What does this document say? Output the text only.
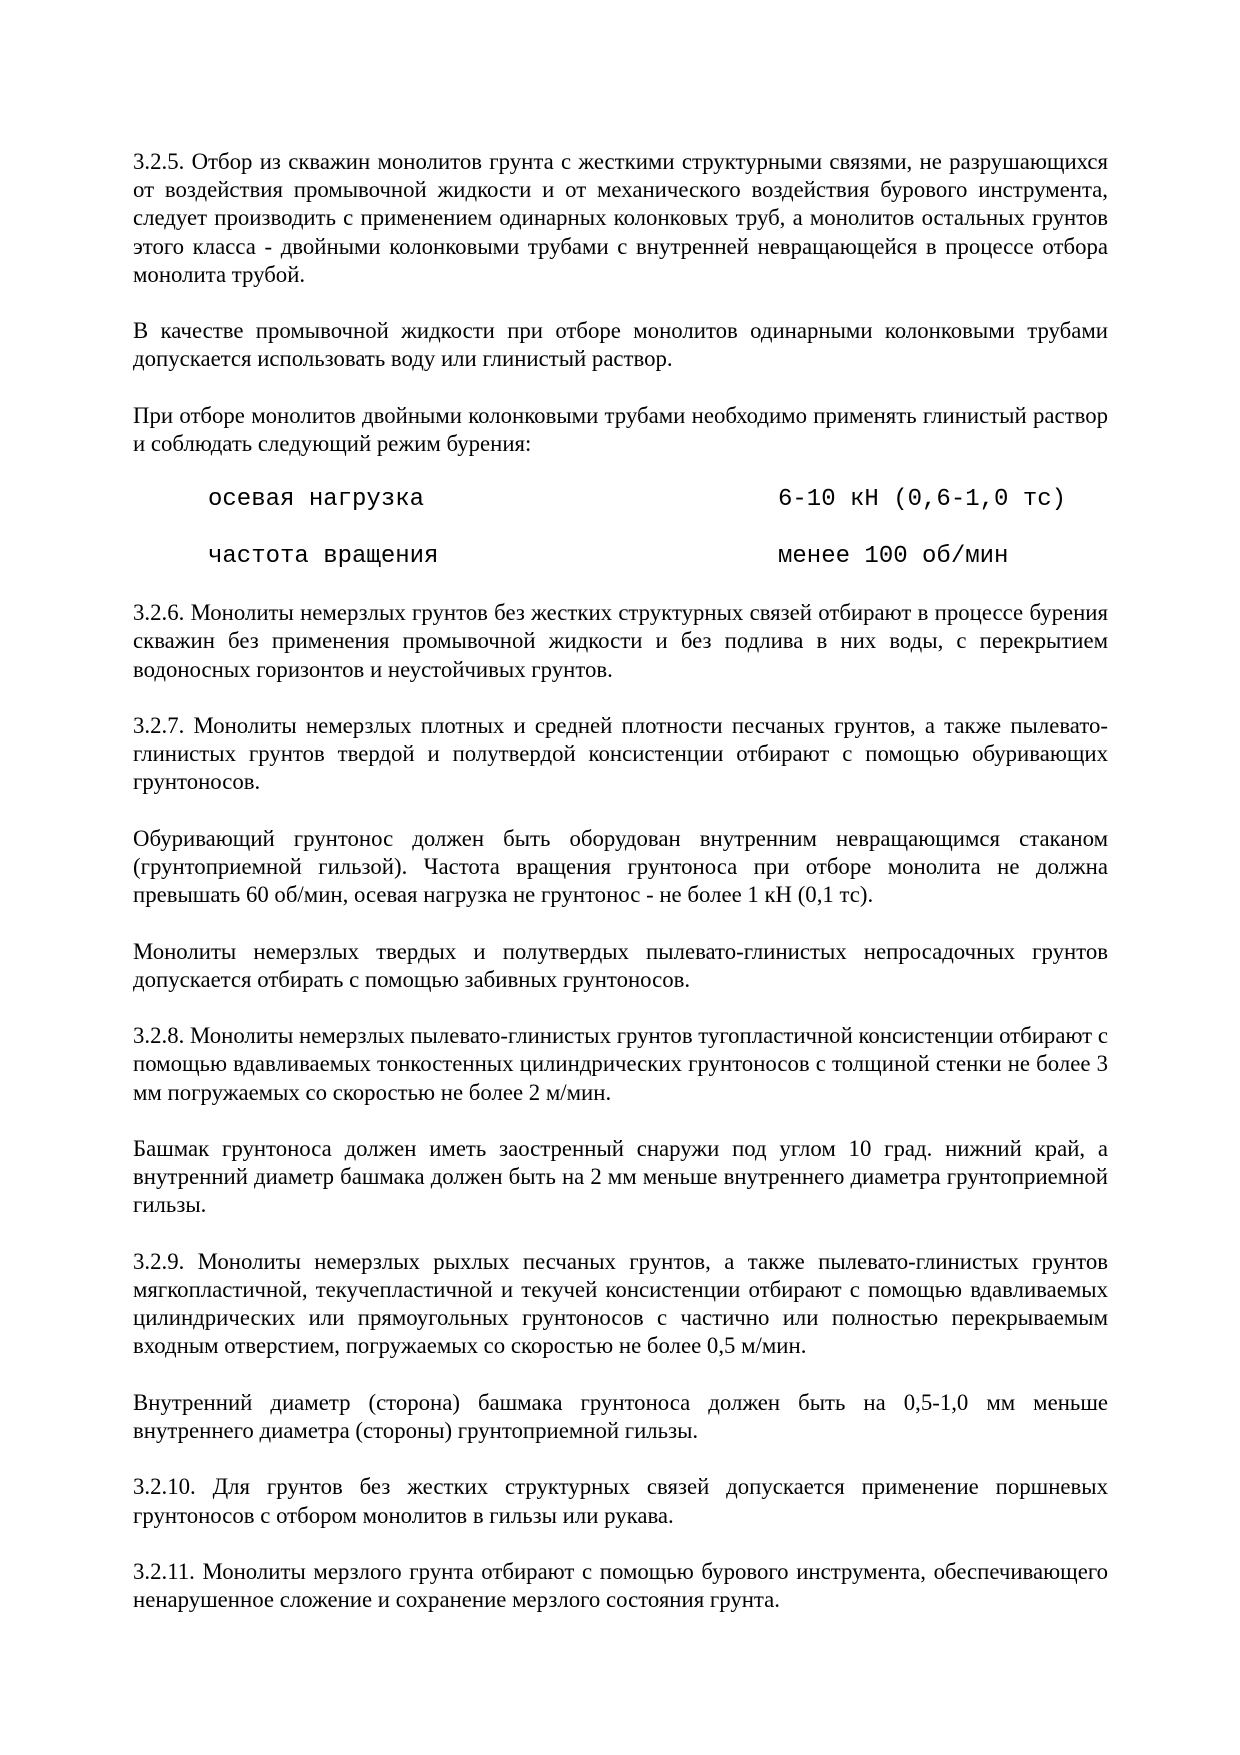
3.2.5. Отбор из скважин монолитов грунта с жесткими структурными связями, не разрушающихся от воздействия промывочной жидкости и от механического воздействия бурового инструмента, следует производить с применением одинарных колонковых труб, а монолитов остальных грунтов этого класса - двойными колонковыми трубами с внутренней невращающейся в процессе отбора монолита трубой.

В качестве промывочной жидкости при отборе монолитов одинарными колонковыми трубами допускается использовать воду или глинистый раствор.

При отборе монолитов двойными колонковыми трубами необходимо применять глинистый раствор и соблюдать следующий режим бурения:

осевая нагрузка

	6-10 кН (0,6-1,0 тс)

частота вращения

	менее 100 об/мин

3.2.6. Монолиты немерзлых грунтов без жестких структурных связей отбирают в процессе бурения скважин без применения промывочной жидкости и без подлива в них воды, с перекрытием водоносных горизонтов и неустойчивых грунтов.

3.2.7. Монолиты немерзлых плотных и средней плотности песчаных грунтов, а также пылевато-глинистых грунтов твердой и полутвердой консистенции отбирают с помощью обуривающих грунтоносов.

Обуривающий грунтонос должен быть оборудован внутренним невращающимся стаканом (грунтоприемной гильзой). Частота вращения грунтоноса при отборе монолита не должна превышать 60 об/мин, осевая нагрузка не грунтонос - не более 1 кН (0,1 тс).

Монолиты немерзлых твердых и полутвердых пылевато-глинистых непросадочных грунтов допускается отбирать с помощью забивных грунтоносов.

3.2.8. Монолиты немерзлых пылевато-глинистых грунтов тугопластичной консистенции отбирают с помощью вдавливаемых тонкостенных цилиндрических грунтоносов с толщиной стенки не более 3 мм погружаемых со скоростью не более 2 м/мин.

Башмак грунтоноса должен иметь заостренный снаружи под углом 10 град. нижний край, а внутренний диаметр башмака должен быть на 2 мм меньше внутреннего диаметра грунтоприемной гильзы.

3.2.9. Монолиты немерзлых рыхлых песчаных грунтов, а также пылевато-глинистых грунтов мягкопластичной, текучепластичной и текучей консистенции отбирают с помощью вдавливаемых цилиндрических или прямоугольных грунтоносов с частично или полностью перекрываемым входным отверстием, погружаемых со скоростью не более 0,5 м/мин.

Внутренний диаметр (сторона) башмака грунтоноса должен быть на 0,5-1,0 мм меньше внутреннего диаметра (стороны) грунтоприемной гильзы.

3.2.10. Для грунтов без жестких структурных связей допускается применение поршневых грунтоносов с отбором монолитов в гильзы или рукава.

3.2.11. Монолиты мерзлого грунта отбирают с помощью бурового инструмента, обеспечивающего ненарушенное сложение и сохранение мерзлого состояния грунта.
